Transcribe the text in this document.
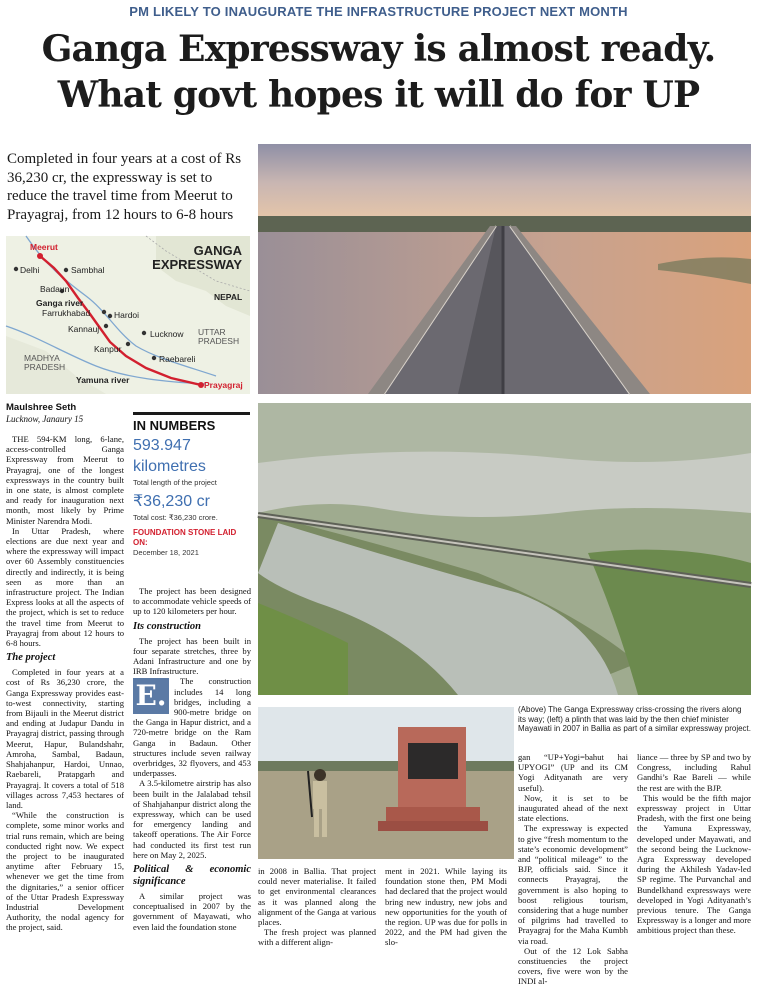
PM LIKELY TO INAUGURATE THE INFRASTRUCTURE PROJECT NEXT MONTH
Ganga Expressway is almost ready.
What govt hopes it will do for UP
Completed in four years at a cost of Rs 36,230 cr, the expressway is set to reduce the travel time from Meerut to Prayagraj, from 12 hours to 6-8 hours
Meerut
Delhi	Sambhal
Badaun
Ganga river
Farrukhabad	Hardoi
Kannauj	Lucknow
Kanpur
Raebareli
Yamuna river	Prayagraj
GANGA
EXPRESSWAY
NEPAL
UTTAR PRADESH
MADHYA PRADESH
Maulshree Seth
Lucknow, Janaury 15

THE 594-KM long, 6-lane, access-controlled Ganga Expressway from Meerut to Prayagraj, one of the longest expressways in the country built in one state, is almost complete and ready for inauguration next month, most likely by Prime Minister Narendra Modi.

In Uttar Pradesh, where elections are due next year and where the expressway will impact over 60 Assembly constituencies directly and indirectly, it is being seen as more than an infrastructure project. The Indian Express looks at all the aspects of the project, which is set to reduce the travel time from Meerut to Prayagraj from about 12 hours to 6-8 hours.

The project

Completed in four years at a cost of Rs 36,230 crore, the Ganga Expressway provides east-to-west connectivity, starting from Bijauli in the Meerut district and ending at Judapur Dandu in Prayagraj district, passing through Meerut, Hapur, Bulandshahr, Amroha, Sambal, Badaun, Shahjahanpur, Hardoi, Unnao, Raebareli, Pratapgarh and Prayagraj. It covers a total of 518 villages across 7,453 hectares of land.

“While the construction is complete, some minor works and trial runs remain, which are being conducted right now. We expect the project to be inaugurated anytime after February 15, whenever we get the time from the dignitaries,” a senior officer of the Uttar Pradesh Expressway Industrial Development Authority, the nodal agency for the project, said.

IN NUMBERS
593.947
kilometres
Total length of the project
₹36,230 cr
Total cost: ₹36,230 crore.
FOUNDATION STONE LAID ON:
December 18, 2021

The project has been designed to accommodate vehicle speeds of up to 120 kilometers per hour.

Its construction

The project has been built in four separate stretches, three by Adani Infrastructure and one by IRB Infrastructure.

E.	The construction includes 14 long bridges, including a 900-metre bridge on the Ganga in Hapur district, and a 720-metre bridge on the Ram Ganga in Badaun. Other structures include seven railway overbridges, 32 flyovers, and 453 underpasses.

A 3.5-kilometre airstrip has also been built in the Jalalabad tehsil of Shahjahanpur district along the expressway, which can be used for emergency landing and takeoff operations. The Air Force had conducted its first test run here on May 2, 2025.

Political & economic significance

A similar project was conceptualised in 2007 by the government of Mayawati, who even laid the foundation stone

in 2008 in Ballia. That project could never materialise. It failed to get environmental clearances as it was planned along the alignment of the Ganga at various places.

The fresh project was planned with a different align-

ment in 2021. While laying its foundation stone then, PM Modi had declared that the project would bring new industry, new jobs and new opportunities for the youth of the region. UP was due for polls in 2022, and the PM had given the slo-

(Above) The Ganga Expressway criss-crossing the rivers along its way; (left) a plinth that was laid by the then chief minister Mayawati in 2007 in Ballia as part of a similar expressway project.

gan “UP+Yogi=bahut hai UPYOGI” (UP and its CM Yogi Adityanath are very useful).

Now, it is set to be inaugurated ahead of the next state elections.

The expressway is expected to give “fresh momentum to the state’s economic development” and “political mileage” to the BJP, officials said. Since it connects Prayagraj, the government is also hoping to boost religious tourism, considering that a huge number of pilgrims had travelled to Prayagraj for the Maha Kumbh via road.

Out of the 12 Lok Sabha constituencies the project covers, five were won by the INDI al-

liance — three by SP and two by Congress, including Rahul Gandhi’s Rae Bareli — while the rest are with the BJP.

This would be the fifth major expressway project in Uttar Pradesh, with the first one being the Yamuna Expressway, developed under Mayawati, and the second being the Lucknow-Agra Expressway developed during the Akhilesh Yadav-led SP regime. The Purvanchal and Bundelkhand expressways were developed in Yogi Adityanath’s previous tenure. The Ganga Expressway is a longer and more ambitious project than these.
